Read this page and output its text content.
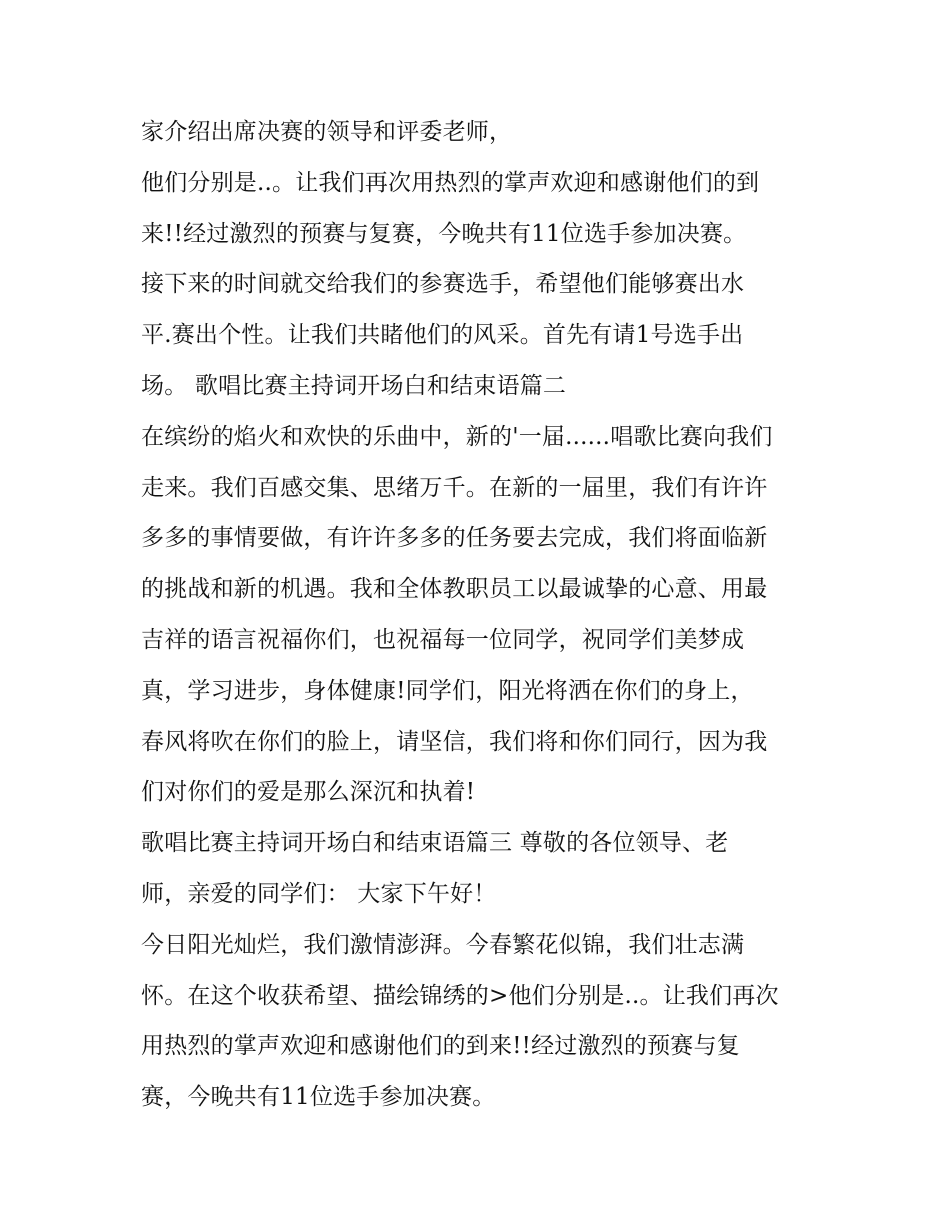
家介绍出席决赛的领导和评委老师，
他们分别是..。让我们再次用热烈的掌声欢迎和感谢他们的到
来!!经过激烈的预赛与复赛，今晚共有11位选手参加决赛。
接下来的时间就交给我们的参赛选手，希望他们能够赛出水
平.赛出个性。让我们共睹他们的风采。首先有请1号选手出
场。 歌唱比赛主持词开场白和结束语篇二
在缤纷的焰火和欢快的乐曲中，新的'一届......唱歌比赛向我们
走来。我们百感交集、思绪万千。在新的一届里，我们有许许
多多的事情要做，有许许多多的任务要去完成，我们将面临新
的挑战和新的机遇。我和全体教职员工以最诚挚的心意、用最
吉祥的语言祝福你们，也祝福每一位同学，祝同学们美梦成
真，学习进步，身体健康!同学们，阳光将洒在你们的身上，
春风将吹在你们的脸上，请坚信，我们将和你们同行，因为我
们对你们的爱是那么深沉和执着!
歌唱比赛主持词开场白和结束语篇三 尊敬的各位领导、老
师，亲爱的同学们： 大家下午好！
今日阳光灿烂，我们激情澎湃。今春繁花似锦，我们壮志满
怀。在这个收获希望、描绘锦绣的>他们分别是..。让我们再次
用热烈的掌声欢迎和感谢他们的到来!!经过激烈的预赛与复
赛，今晚共有11位选手参加决赛。
